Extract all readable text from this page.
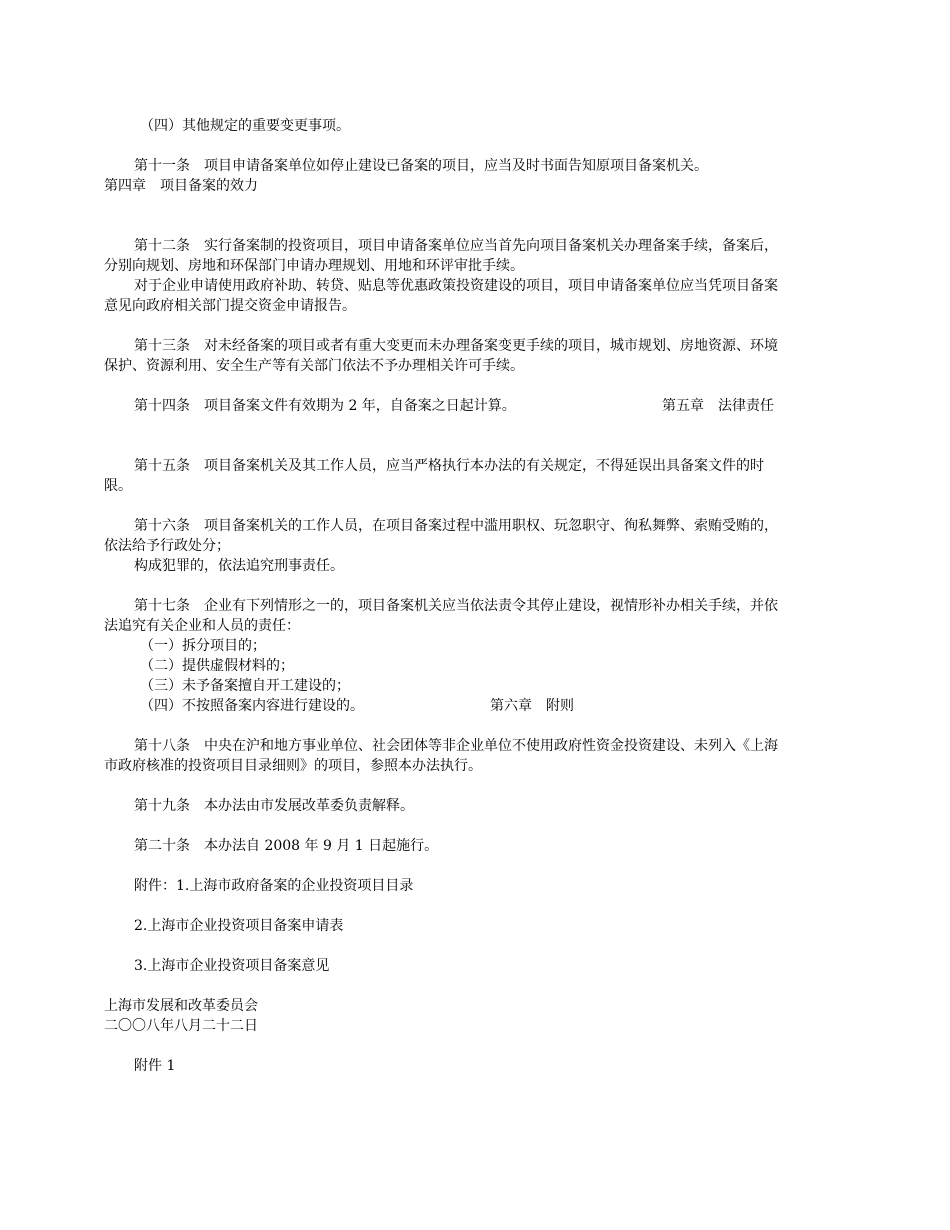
（四）其他规定的重要变更事项。
第十一条　项目申请备案单位如停止建设已备案的项目，应当及时书面告知原项目备案机关。
第四章　项目备案的效力
第十二条　实行备案制的投资项目，项目申请备案单位应当首先向项目备案机关办理备案手续，备案后，
分别向规划、房地和环保部门申请办理规划、用地和环评审批手续。
对于企业申请使用政府补助、转贷、贴息等优惠政策投资建设的项目，项目申请备案单位应当凭项目备案
意见向政府相关部门提交资金申请报告。
第十三条　对未经备案的项目或者有重大变更而未办理备案变更手续的项目，城市规划、房地资源、环境
保护、资源利用、安全生产等有关部门依法不予办理相关许可手续。
第十四条　项目备案文件有效期为 2 年，自备案之日起计算。	第五章　法律责任
第十五条　项目备案机关及其工作人员，应当严格执行本办法的有关规定，不得延误出具备案文件的时
限。
第十六条　项目备案机关的工作人员，在项目备案过程中滥用职权、玩忽职守、徇私舞弊、索贿受贿的，
依法给予行政处分；
构成犯罪的，依法追究刑事责任。
第十七条　企业有下列情形之一的，项目备案机关应当依法责令其停止建设，视情形补办相关手续，并依
法追究有关企业和人员的责任：
（一）拆分项目的；
（二）提供虚假材料的；
（三）未予备案擅自开工建设的；
（四）不按照备案内容进行建设的。	第六章　附则
第十八条　中央在沪和地方事业单位、社会团体等非企业单位不使用政府性资金投资建设、未列入《上海
市政府核准的投资项目目录细则》的项目，参照本办法执行。
第十九条　本办法由市发展改革委负责解释。
第二十条　本办法自 2008 年 9 月 1 日起施行。
附件：1.上海市政府备案的企业投资项目目录
2.上海市企业投资项目备案申请表
3.上海市企业投资项目备案意见
上海市发展和改革委员会
二〇〇八年八月二十二日
附件 1
